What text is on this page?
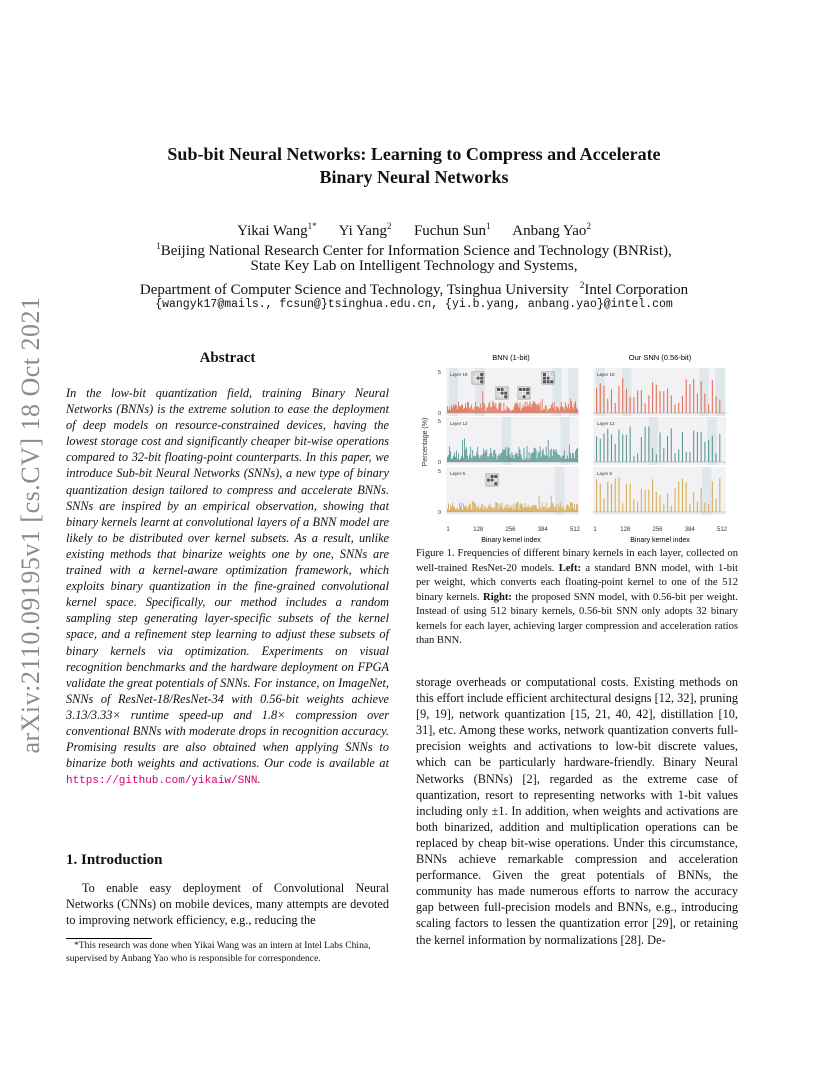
arXiv:2110.09195v1 [cs.CV] 18 Oct 2021
Sub-bit Neural Networks: Learning to Compress and Accelerate
Binary Neural Networks
Yikai Wang$^{1*}$ Yi Yang$^2$ Fuchun Sun$^1$ Anbang Yao$^2$
$^1$Beijing National Research Center for Information Science and Technology (BNRist),
State Key Lab on Intelligent Technology and Systems,
Department of Computer Science and Technology, Tsinghua University $^2$Intel Corporation
{wangyk17@mails., fcsun@}tsinghua.edu.cn, {yi.b.yang, anbang.yao}@intel.com
Abstract
In the low-bit quantization field, training Binary Neural Networks (BNNs) is the extreme solution to ease the deployment of deep models on resource-constrained devices, having the lowest storage cost and significantly cheaper bit-wise operations compared to 32-bit floating-point counterparts. In this paper, we introduce Sub-bit Neural Networks (SNNs), a new type of binary quantization design tailored to compress and accelerate BNNs. SNNs are inspired by an empirical observation, showing that binary kernels learnt at convolutional layers of a BNN model are likely to be distributed over kernel subsets. As a result, unlike existing methods that binarize weights one by one, SNNs are trained with a kernel-aware optimization framework, which exploits binary quantization in the fine-grained convolutional kernel space. Specifically, our method includes a random sampling step generating layer-specific subsets of the kernel space, and a refinement step learning to adjust these subsets of binary kernels via optimization. Experiments on visual recognition benchmarks and the hardware deployment on FPGA validate the great potentials of SNNs. For instance, on ImageNet, SNNs of ResNet-18/ResNet-34 with 0.56-bit weights achieve 3.13/3.33× runtime speed-up and 1.8× compression over conventional BNNs with moderate drops in recognition accuracy. Promising results are also obtained when applying SNNs to binarize both weights and activations. Our code is available at https://github.com/yikaiw/SNN.
1. Introduction
To enable easy deployment of Convolutional Neural Networks (CNNs) on mobile devices, many attempts are devoted to improving network efficiency, e.g., reducing the
*This research was done when Yikai Wang was an intern at Intel Labs China, supervised by Anbang Yao who is responsible for correspondence.
BNN (1-bit)	Our SNN (0.56-bit)
Percentage (%)
Binary kernel index	Binary kernel index
Layer 19	Layer 19
5
0
Layer 12	Layer 12
5
0
Layer 6	Layer 6
5
0
1	128	256	384	512 1	128	256	384	512
Figure 1. Frequencies of different binary kernels in each layer, collected on well-trained ResNet-20 models. Left: a standard BNN model, with 1-bit per weight, which converts each floating-point kernel to one of the 512 binary kernels. Right: the proposed SNN model, with 0.56-bit per weight. Instead of using 512 binary kernels, 0.56-bit SNN only adopts 32 binary kernels for each layer, achieving larger compression and acceleration ratios than BNN.
storage overheads or computational costs. Existing methods on this effort include efficient architectural designs [12, 32], pruning [9, 19], network quantization [15, 21, 40, 42], distillation [10, 31], etc. Among these works, network quantization converts full-precision weights and activations to low-bit discrete values, which can be particularly hardware-friendly. Binary Neural Networks (BNNs) [2], regarded as the extreme case of quantization, resort to representing networks with 1-bit values including only ±1. In addition, when weights and activations are both binarized, addition and multiplication operations can be replaced by cheap bit-wise operations. Under this circumstance, BNNs achieve remarkable compression and acceleration performance. Given the great potentials of BNNs, the community has made numerous efforts to narrow the accuracy gap between full-precision models and BNNs, e.g., introducing scaling factors to lessen the quantization error [29], or retaining the kernel information by normalizations [28]. De-
